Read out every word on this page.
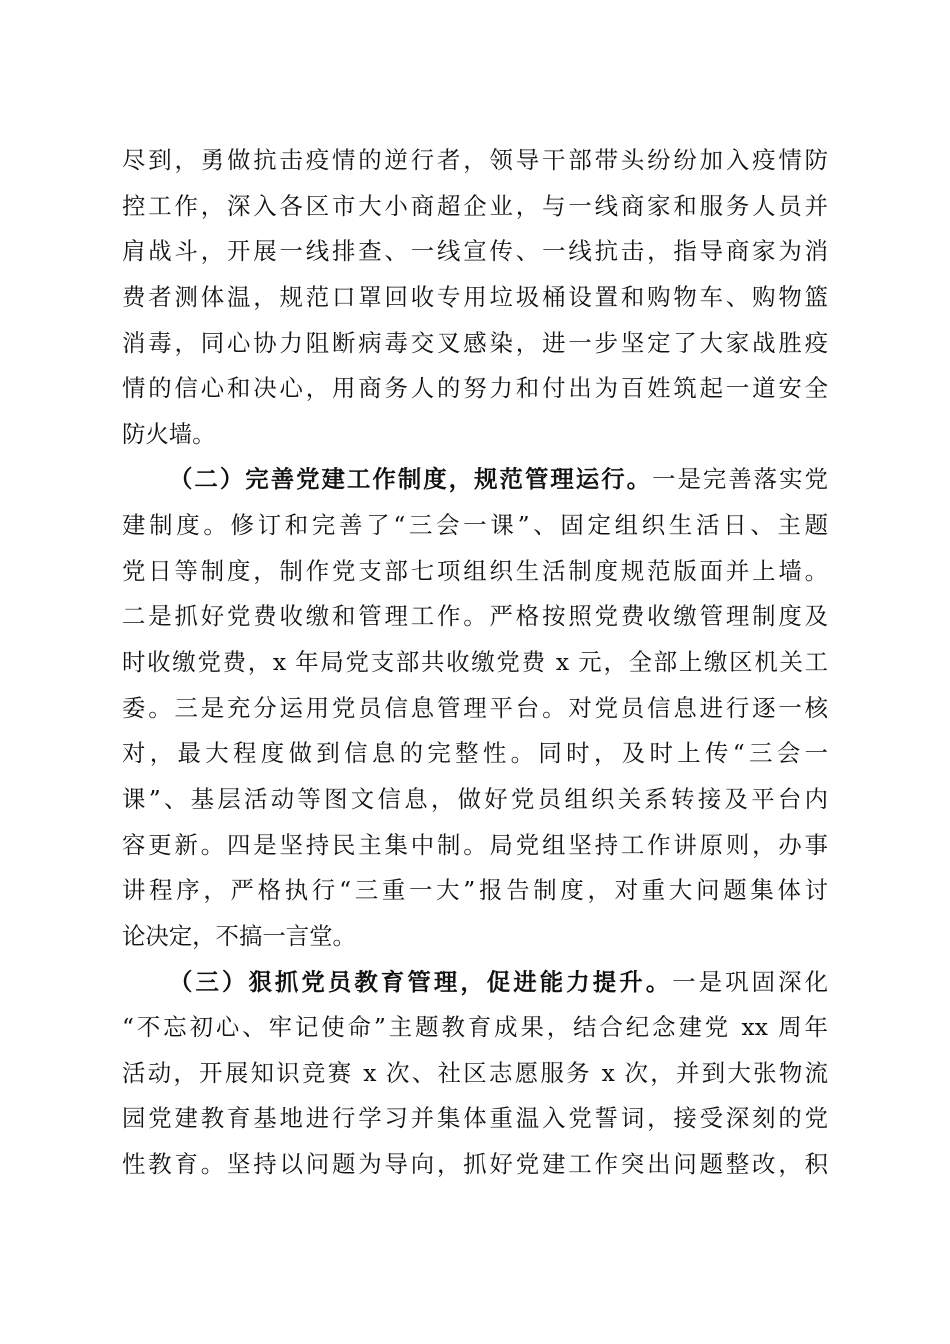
尽到，勇做抗击疫情的逆行者，领导干部带头纷纷加入疫情防
控工作，深入各区市大小商超企业，与一线商家和服务人员并
肩战斗，开展一线排查、一线宣传、一线抗击，指导商家为消
费者测体温，规范口罩回收专用垃圾桶设置和购物车、购物篮
消毒，同心协力阻断病毒交叉感染，进一步坚定了大家战胜疫
情的信心和决心，用商务人的努力和付出为百姓筑起一道安全
防火墙。
（二）完善党建工作制度，规范管理运行。一是完善落实党
建制度。修订和完善了“三会一课”、固定组织生活日、主题
党日等制度，制作党支部七项组织生活制度规范版面并上墙。
二是抓好党费收缴和管理工作。严格按照党费收缴管理制度及
时收缴党费，x 年局党支部共收缴党费 x 元，全部上缴区机关工
委。三是充分运用党员信息管理平台。对党员信息进行逐一核
对，最大程度做到信息的完整性。同时，及时上传“三会一
课”、基层活动等图文信息，做好党员组织关系转接及平台内
容更新。四是坚持民主集中制。局党组坚持工作讲原则，办事
讲程序，严格执行“三重一大”报告制度，对重大问题集体讨
论决定，不搞一言堂。
（三）狠抓党员教育管理，促进能力提升。一是巩固深化
“不忘初心、牢记使命”主题教育成果，结合纪念建党 xx 周年
活动，开展知识竞赛 x 次、社区志愿服务 x 次，并到大张物流
园党建教育基地进行学习并集体重温入党誓词，接受深刻的党
性教育。坚持以问题为导向，抓好党建工作突出问题整改，积
